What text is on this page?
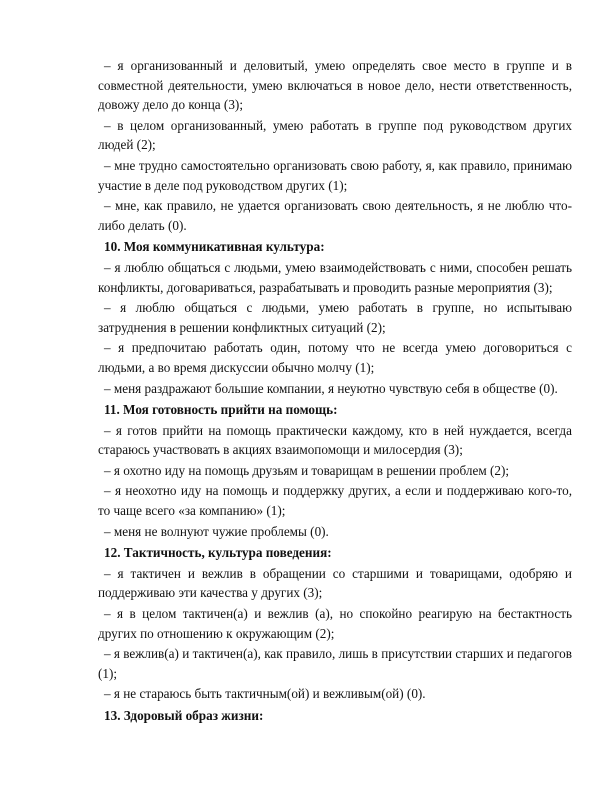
– я организованный и деловитый, умею определять свое место в группе и в совместной деятельности, умею включаться в новое дело, нести ответственность, довожу дело до конца (3);

– в целом организованный, умею работать в группе под руководством других людей (2);

– мне трудно самостоятельно организовать свою работу, я, как правило, принимаю участие в деле под руководством других (1);

– мне, как правило, не удается организовать свою деятельность, я не люблю что-либо делать (0).

10. Моя коммуникативная культура:

– я люблю общаться с людьми, умею взаимодействовать с ними, способен решать конфликты, договариваться, разрабатывать и проводить разные мероприятия (3);

– я люблю общаться с людьми, умею работать в группе, но испытываю затруднения в решении конфликтных ситуаций (2);

– я предпочитаю работать один, потому что не всегда умею договориться с людьми, а во время дискуссии обычно молчу (1);

– меня раздражают большие компании, я неуютно чувствую себя в обществе (0).

11. Моя готовность прийти на помощь:

– я готов прийти на помощь практически каждому, кто в ней нуждается, всегда стараюсь участвовать в акциях взаимопомощи и милосердия (3);

– я охотно иду на помощь друзьям и товарищам в решении проблем (2);

– я неохотно иду на помощь и поддержку других, а если и поддерживаю кого-то, то чаще всего «за компанию» (1);

– меня не волнуют чужие проблемы (0).

12. Тактичность, культура поведения:

– я тактичен и вежлив в обращении со старшими и товарищами, одобряю и поддерживаю эти качества у других (3);

– я в целом тактичен(а) и вежлив (а), но спокойно реагирую на бестактность других по отношению к окружающим (2);

– я вежлив(а) и тактичен(а), как правило, лишь в присутствии старших и педагогов (1);

– я не стараюсь быть тактичным(ой) и вежливым(ой) (0).

13. Здоровый образ жизни:
